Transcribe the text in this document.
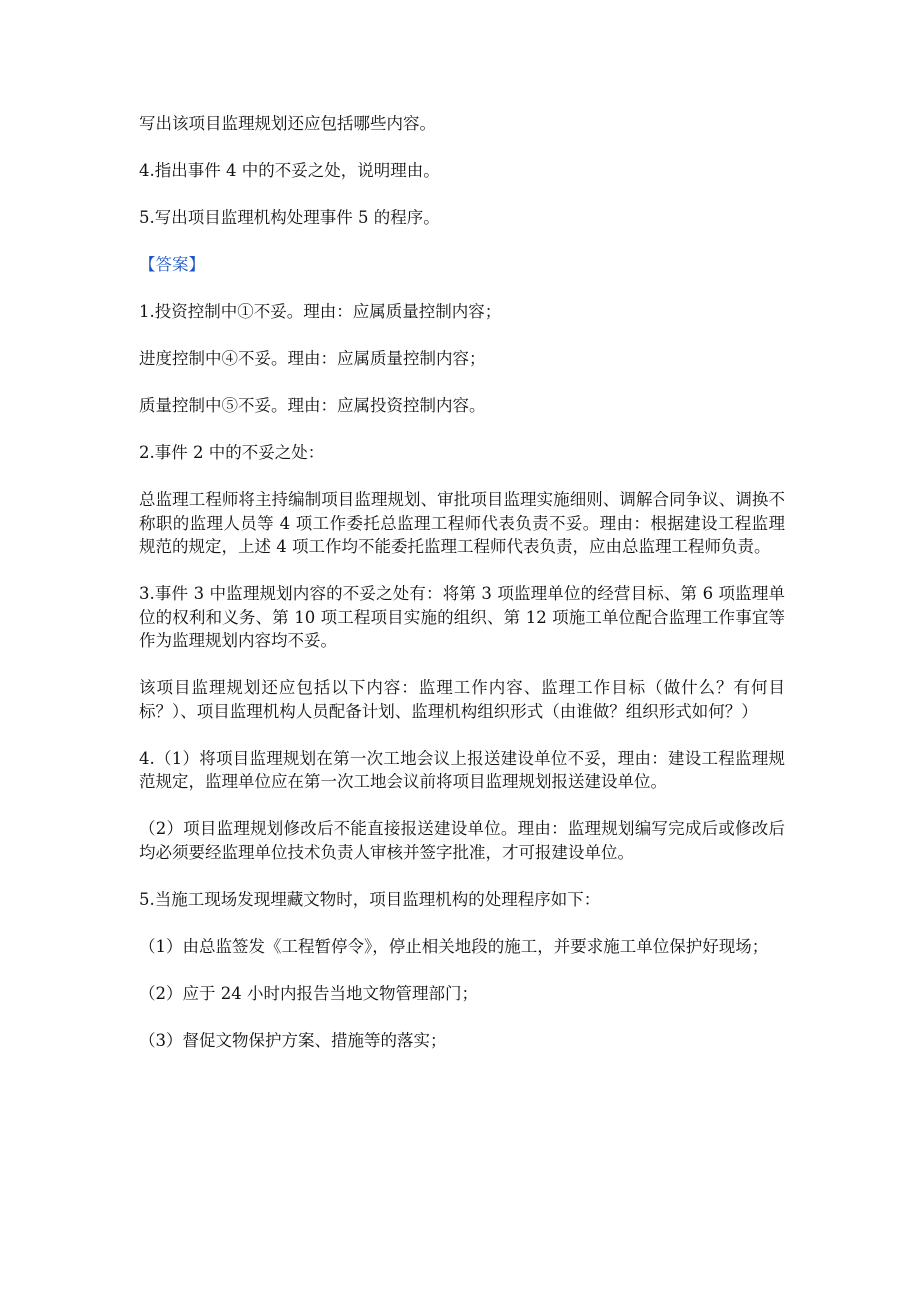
写出该项目监理规划还应包括哪些内容。

4.指出事件 4 中的不妥之处，说明理由。

5.写出项目监理机构处理事件 5 的程序。

【答案】

1.投资控制中①不妥。理由：应属质量控制内容；

进度控制中④不妥。理由：应属质量控制内容；

质量控制中⑤不妥。理由：应属投资控制内容。

2.事件 2 中的不妥之处：

总监理工程师将主持编制项目监理规划、审批项目监理实施细则、调解合同争议、调换不称职的监理人员等 4 项工作委托总监理工程师代表负责不妥。理由：根据建设工程监理规范的规定，上述 4 项工作均不能委托监理工程师代表负责，应由总监理工程师负责。

3.事件 3 中监理规划内容的不妥之处有：将第 3 项监理单位的经营目标、第 6 项监理单位的权利和义务、第 10 项工程项目实施的组织、第 12 项施工单位配合监理工作事宜等作为监理规划内容均不妥。

该项目监理规划还应包括以下内容：监理工作内容、监理工作目标（做什么？有何目标？）、项目监理机构人员配备计划、监理机构组织形式（由谁做？组织形式如何？）

4.（1）将项目监理规划在第一次工地会议上报送建设单位不妥，理由：建设工程监理规范规定，监理单位应在第一次工地会议前将项目监理规划报送建设单位。

（2）项目监理规划修改后不能直接报送建设单位。理由：监理规划编写完成后或修改后均必须要经监理单位技术负责人审核并签字批准，才可报建设单位。

5.当施工现场发现埋藏文物时，项目监理机构的处理程序如下：

（1）由总监签发《工程暂停令》，停止相关地段的施工，并要求施工单位保护好现场；

（2）应于 24 小时内报告当地文物管理部门；

（3）督促文物保护方案、措施等的落实；
